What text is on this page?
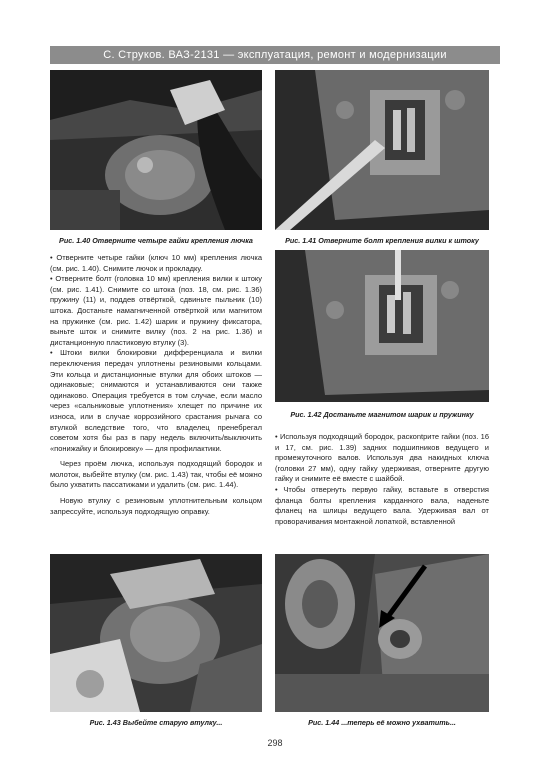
С. Струков. ВАЗ-2131 — эксплуатация, ремонт и модернизации
Рис. 1.40 Отверните четыре гайки крепления лючка	Рис. 1.41 Отверните болт крепления вилки к штоку
Рис. 1.42 Достаньте магнитом шарик и пружинку

• Отверните четыре гайки (ключ 10 мм) крепления лючка (см. рис. 1.40). Снимите лючок и прокладку.

• Отверните болт (головка 10 мм) крепления вилки к штоку (см. рис. 1.41). Снимите со штока (поз. 18, см. рис. 1.36) пружину (11) и, поддев отвёрткой, сдвиньте пыльник (10) штока. Достаньте намагниченной отвёрткой или магнитом на пружинке (см. рис. 1.42) шарик и пружину фиксатора, выньте шток и снимите вилку (поз. 2 на рис. 1.36) и дистанционную пластиковую втулку (3).

• Штоки вилки блокировки дифференциала и вилки переключения передач уплотнены резиновыми кольцами. Эти кольца и дистанционные втулки для обоих штоков — одинаковые; снимаются и устанавливаются они также одинаково. Операция требуется в том случае, если масло через «сальниковые уплотнения» хлещет по причине их износа, или в случае коррозийного срастания рычага со втулкой вследствие того, что владелец пренебрегал советом хотя бы раз в пару недель включить/выключить «понижайку и блокировку» — для профилактики.

Через проём лючка, используя подходящий бородок и молоток, выбейте втулку (см. рис. 1.43) так, чтобы её можно было ухватить пассатижами и удалить (см. рис. 1.44).

Новую втулку с резиновым уплотнительным кольцом запрессуйте, используя подходящую оправку.

• Используя подходящий бородок, раскontрите гайки (поз. 16 и 17, см. рис. 1.39) задних подшипников ведущего и промежуточного валов. Используя два накидных ключа (головки 27 мм), одну гайку удерживая, отверните другую гайку и снимите её вместе с шайбой.

• Чтобы отвернуть первую гайку, вставьте в отверстия фланца болты крепления карданного вала, наденьте фланец на шлицы ведущего вала. Удерживая вал от проворачивания монтажной лопаткой, вставленной

Рис. 1.43 Выбейте старую втулку...	Рис. 1.44 ...теперь её можно ухватить...
298
